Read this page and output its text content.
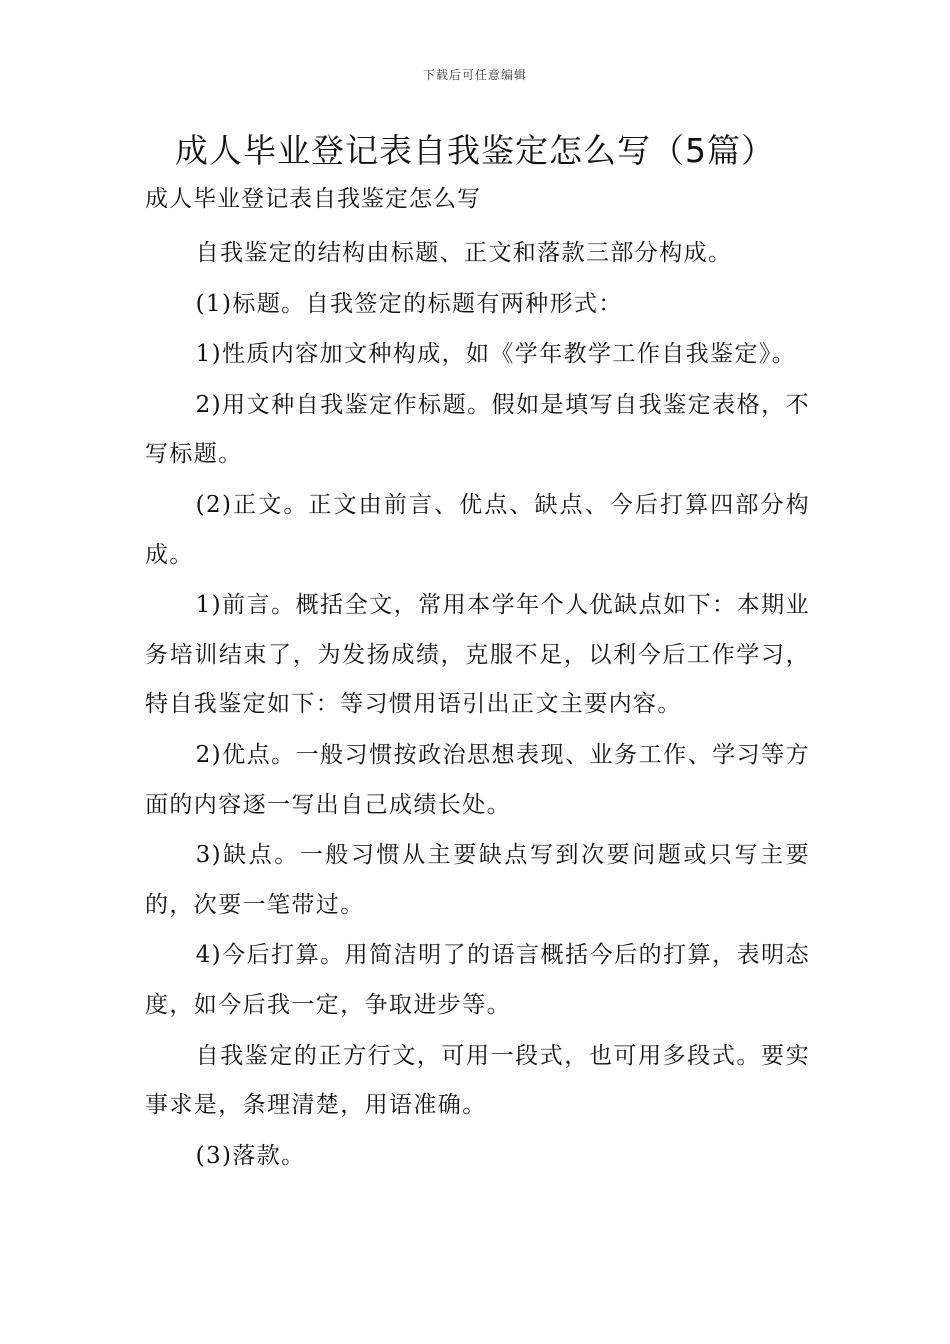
下载后可任意编辑
成人毕业登记表自我鉴定怎么写（5篇）

成人毕业登记表自我鉴定怎么写

自我鉴定的结构由标题、正文和落款三部分构成。

(1)标题。自我签定的标题有两种形式：

1)性质内容加文种构成，如《学年教学工作自我鉴定》。

2)用文种自我鉴定作标题。假如是填写自我鉴定表格，不写标题。

(2)正文。正文由前言、优点、缺点、今后打算四部分构成。

1)前言。概括全文，常用本学年个人优缺点如下：本期业务培训结束了，为发扬成绩，克服不足，以利今后工作学习，特自我鉴定如下：等习惯用语引出正文主要内容。

2)优点。一般习惯按政治思想表现、业务工作、学习等方面的内容逐一写出自己成绩长处。

3)缺点。一般习惯从主要缺点写到次要问题或只写主要的，次要一笔带过。

4)今后打算。用简洁明了的语言概括今后的打算，表明态度，如今后我一定，争取进步等。

自我鉴定的正方行文，可用一段式，也可用多段式。要实事求是，条理清楚，用语准确。

(3)落款。
